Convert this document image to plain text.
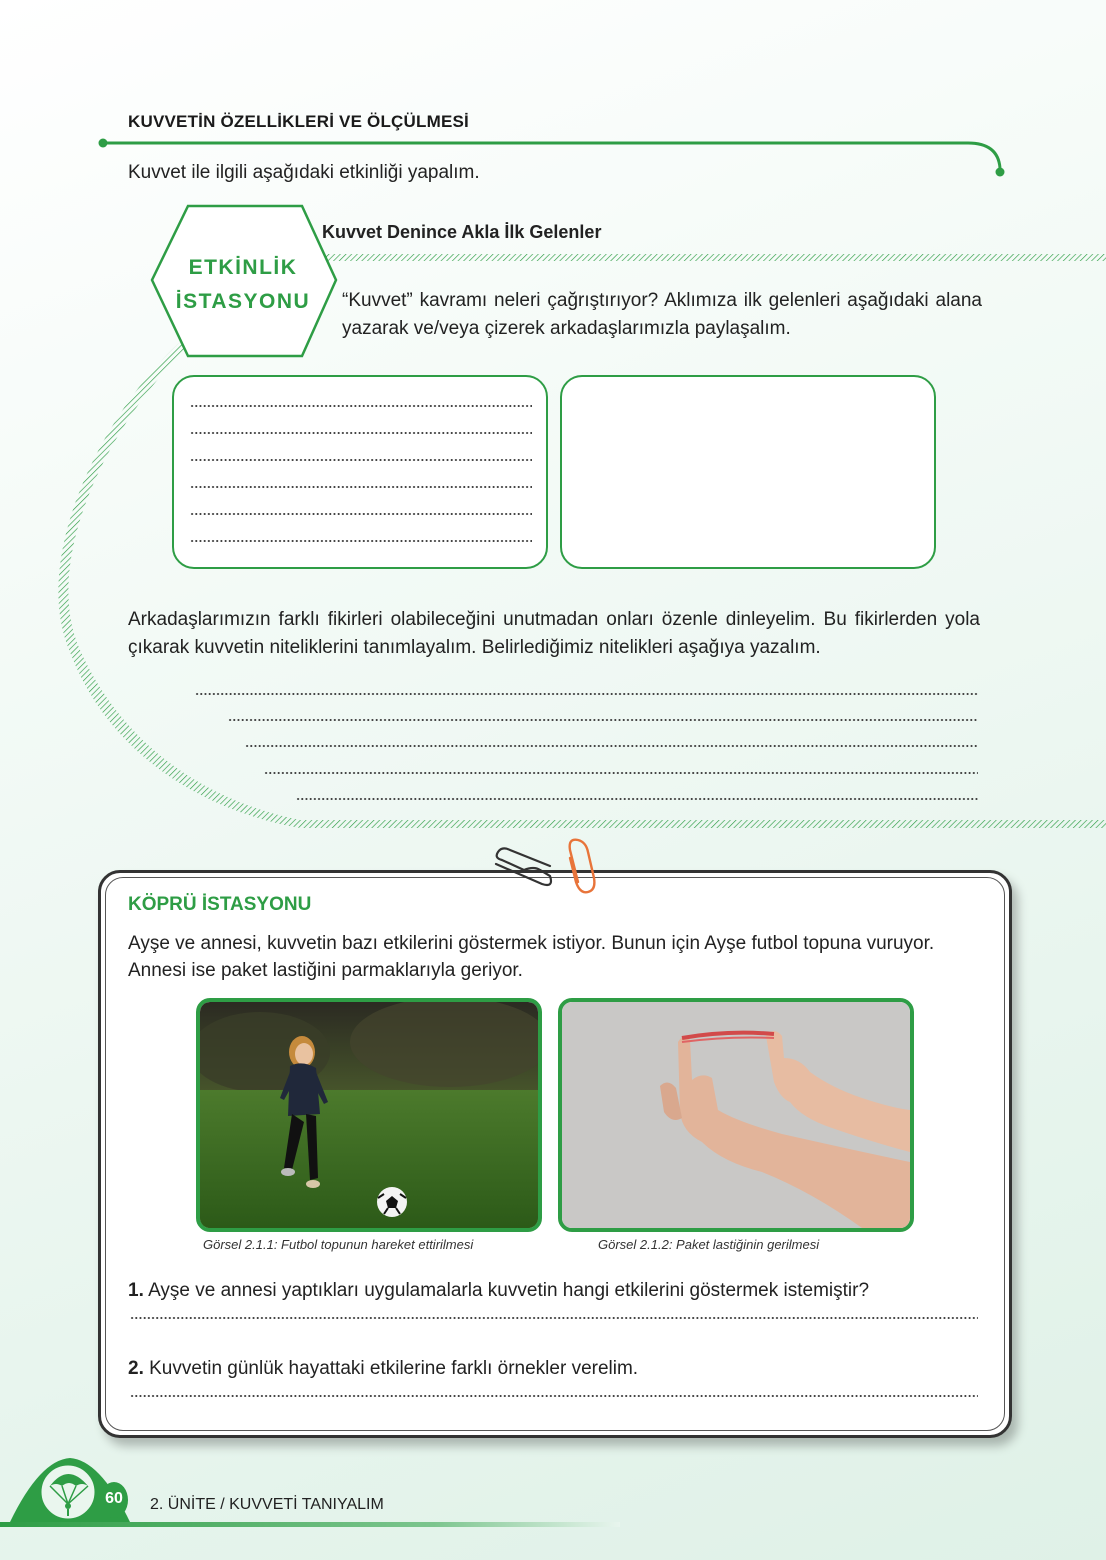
KUVVETİN ÖZELLİKLERİ VE ÖLÇÜLMESİ
Kuvvet ile ilgili aşağıdaki etkinliği yapalım.
ETKİNLİK
İSTASYONU
Kuvvet Denince Akla İlk Gelenler
“Kuvvet” kavramı neleri çağrıştırıyor? Aklımıza ilk gelenleri aşağıdaki alana yazarak ve/veya çizerek arkadaşlarımızla paylaşalım.
Arkadaşlarımızın farklı fikirleri olabileceğini unutmadan onları özenle dinleyelim. Bu fikirlerden yola çıkarak kuvvetin niteliklerini tanımlayalım. Belirlediğimiz nitelikleri aşağıya yazalım.
KÖPRÜ İSTASYONU
Ayşe ve annesi, kuvvetin bazı etkilerini göstermek istiyor. Bunun için Ayşe futbol topuna vuruyor. Annesi ise paket lastiğini parmaklarıyla geriyor.
Görsel 2.1.1: Futbol topunun hareket ettirilmesi	Görsel 2.1.2: Paket lastiğinin gerilmesi
1. Ayşe ve annesi yaptıkları uygulamalarla kuvvetin hangi etkilerini göstermek istemiştir?
2. Kuvvetin günlük hayattaki etkilerine farklı örnekler verelim.
60 2. ÜNİTE / KUVVETİ TANIYALIM
